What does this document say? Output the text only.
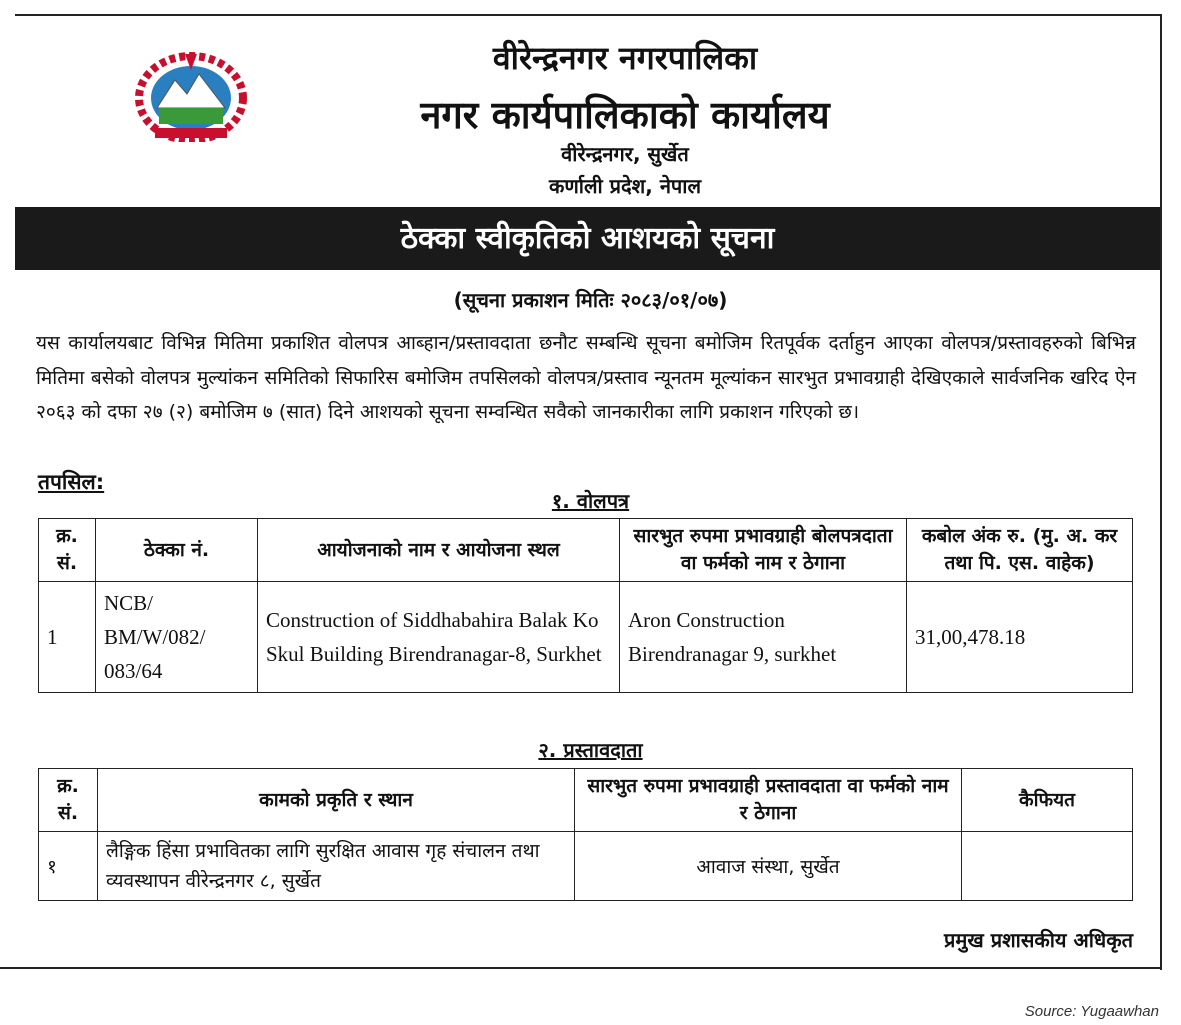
वीरेन्द्रनगर नगरपालिका
नगर कार्यपालिकाको कार्यालय
वीरेन्द्रनगर, सुर्खेत
कर्णाली प्रदेश, नेपाल
ठेक्का स्वीकृतिको आशयको सूचना
(सूचना प्रकाशन मितिः २०८३/०१/०७)
यस कार्यालयबाट विभिन्न मितिमा प्रकाशित वोलपत्र आब्हान/प्रस्तावदाता छनौट सम्बन्धि सूचना बमोजिम रितपूर्वक दर्ताहुन आएका वोलपत्र/प्रस्तावहरुको बिभिन्न मितिमा बसेको वोलपत्र मुल्यांकन समितिको सिफारिस बमोजिम तपसिलको वोलपत्र/प्रस्ताव न्यूनतम मूल्यांकन सारभुत प्रभावग्राही देखिएकाले सार्वजनिक खरिद ऐन २०६३ को दफा २७ (२) बमोजिम ७ (सात) दिने आशयको सूचना सम्वन्धित सवैको जानकारीका लागि प्रकाशन गरिएको छ।
तपसिल:
१. वोलपत्र
क्र. सं.	ठेक्का नं.	आयोजनाको नाम र आयोजना स्थल	सारभुत रुपमा प्रभावग्राही बोलपत्रदाता वा फर्मको नाम र ठेगाना	कबोल अंक रु. (मु. अ. कर तथा पि. एस. वाहेक)
1	NCB/ BM/W/082/ 083/64	Construction of Siddhabahira Balak Ko Skul Building Birendranagar-8, Surkhet	Aron Construction Birendranagar 9, surkhet	31,00,478.18
२. प्रस्तावदाता
क्र. सं.	कामको प्रकृति र स्थान	सारभुत रुपमा प्रभावग्राही प्रस्तावदाता वा फर्मको नाम र ठेगाना	कैफियत
१	लैङ्गिक हिंसा प्रभावितका लागि सुरक्षित आवास गृह संचालन तथा व्यवस्थापन वीरेन्द्रनगर ८, सुर्खेत	आवाज संस्था, सुर्खेत	
प्रमुख प्रशासकीय अधिकृत
Source: Yugaawhan
